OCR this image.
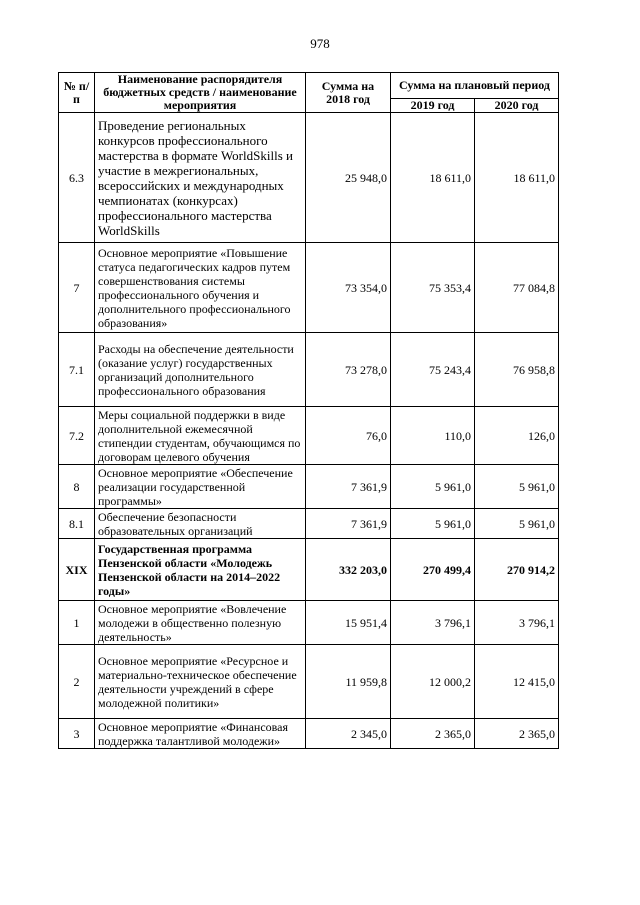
978
№ п/п	Наименование распорядителя бюджетных средств / наименование мероприятия	Сумма на 2018 год	Сумма на плановый период	
			2019 год	2020 год
6.3	Проведение региональных конкурсов профессионального мастерства в формате WorldSkills и участие в межрегиональных, всероссийских и международных чемпионатах (конкурсах) профессионального мастерства WorldSkills	25 948,0	18 611,0	18 611,0
7	Основное мероприятие «Повышение статуса педагогических кадров путем совершенствования системы профессионального обучения и дополнительного профессионального образования»	73 354,0	75 353,4	77 084,8
7.1	Расходы на обеспечение деятельности (оказание услуг) государственных организаций дополнительного профессионального образования	73 278,0	75 243,4	76 958,8
7.2	Меры социальной поддержки в виде дополнительной ежемесячной стипендии студентам, обучающимся по договорам целевого обучения	76,0	110,0	126,0
8	Основное мероприятие «Обеспечение реализации государственной программы»	7 361,9	5 961,0	5 961,0
8.1	Обеспечение безопасности образовательных организаций	7 361,9	5 961,0	5 961,0
XIX	Государственная программа Пензенской области «Молодежь Пензенской области на 2014–2022 годы»	332 203,0	270 499,4	270 914,2
1	Основное мероприятие «Вовлечение молодежи в общественно полезную деятельность»	15 951,4	3 796,1	3 796,1
2	Основное мероприятие «Ресурсное и материально-техническое обеспечение деятельности учреждений в сфере молодежной политики»	11 959,8	12 000,2	12 415,0
3	Основное мероприятие «Финансовая поддержка талантливой молодежи»	2 345,0	2 365,0	2 365,0
